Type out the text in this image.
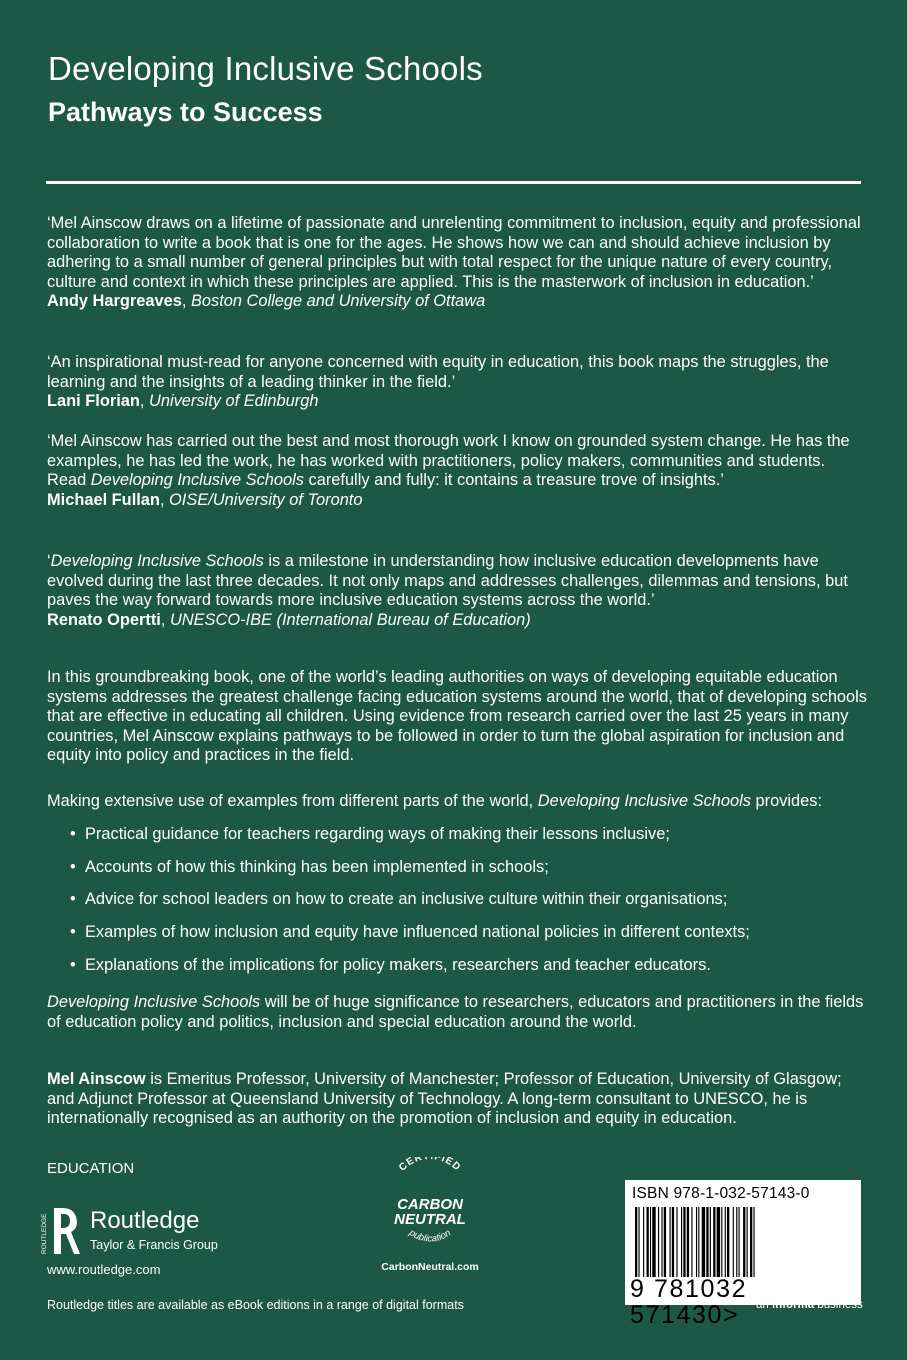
Developing Inclusive Schools
Pathways to Success
‘Mel Ainscow draws on a lifetime of passionate and unrelenting commitment to inclusion, equity and professional collaboration to write a book that is one for the ages. He shows how we can and should achieve inclusion by adhering to a small number of general principles but with total respect for the unique nature of every country, culture and context in which these principles are applied. This is the masterwork of inclusion in education.’
Andy Hargreaves, Boston College and University of Ottawa
‘An inspirational must-read for anyone concerned with equity in education, this book maps the struggles, the learning and the insights of a leading thinker in the field.’
Lani Florian, University of Edinburgh
‘Mel Ainscow has carried out the best and most thorough work I know on grounded system change. He has the examples, he has led the work, he has worked with practitioners, policy makers, communities and students. Read Developing Inclusive Schools carefully and fully: it contains a treasure trove of insights.’
Michael Fullan, OISE/University of Toronto
‘Developing Inclusive Schools is a milestone in understanding how inclusive education developments have evolved during the last three decades. It not only maps and addresses challenges, dilemmas and tensions, but paves the way forward towards more inclusive education systems across the world.’
Renato Opertti, UNESCO-IBE (International Bureau of Education)

In this groundbreaking book, one of the world’s leading authorities on ways of developing equitable education systems addresses the greatest challenge facing education systems around the world, that of developing schools that are effective in educating all children. Using evidence from research carried over the last 25 years in many countries, Mel Ainscow explains pathways to be followed in order to turn the global aspiration for inclusion and equity into policy and practices in the field.

Making extensive use of examples from different parts of the world, Developing Inclusive Schools provides:

• Practical guidance for teachers regarding ways of making their lessons inclusive;
• Accounts of how this thinking has been implemented in schools;
• Advice for school leaders on how to create an inclusive culture within their organisations;
• Examples of how inclusion and equity have influenced national policies in different contexts;
• Explanations of the implications for policy makers, researchers and teacher educators.

Developing Inclusive Schools will be of huge significance to researchers, educators and practitioners in the fields of education policy and politics, inclusion and special education around the world.

Mel Ainscow is Emeritus Professor, University of Manchester; Professor of Education, University of Glasgow; and Adjunct Professor at Queensland University of Technology. A long-term consultant to UNESCO, he is internationally recognised as an authority on the promotion of inclusion and equity in education.

EDUCATION
ROUTLEDGE Routledge
Taylor & Francis Group
www.routledge.com
CER FIED
CARBON
NEUTRAL
publication
CarbonNeutral.com
ISBN 978-1-032-57143-0
9 781032 571430>	an informa business
Routledge titles are available as eBook editions in a range of digital formats
